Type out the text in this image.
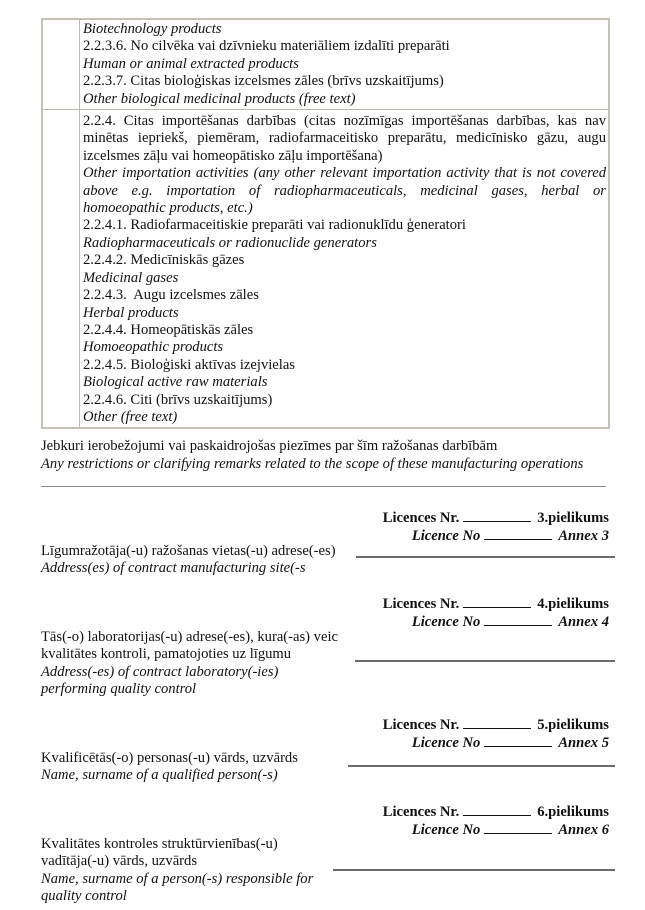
	Biotechnology products
2.2.3.6. No cilvēka vai dzīvnieku materiāliem izdalīti preparāti
Human or animal extracted products
2.2.3.7. Citas bioloģiskas izcelsmes zāles (brīvs uzskaitījums)
Other biological medicinal products (free text)

2.2.4. Citas importēšanas darbības (citas nozīmīgas importēšanas darbības, kas nav minētas iepriekš, piemēram, radiofarmaceitisko preparātu, medicīnisko gāzu, augu izcelsmes zāļu vai homeopātisko zāļu importēšana)
Other importation activities (any other relevant importation activity that is not covered above e.g. importation of radiopharmaceuticals, medicinal gases, herbal or homoeopathic products, etc.)
2.2.4.1. Radiofarmaceitiskie preparāti vai radionuklīdu ģeneratori
Radiopharmaceuticals or radionuclide generators
2.2.4.2. Medicīniskās gāzes
Medicinal gases
2.2.4.3.  Augu izcelsmes zāles
Herbal products
2.2.4.4. Homeopātiskās zāles
Homoeopathic products
2.2.4.5. Bioloģiski aktīvas izejvielas
Biological active raw materials
2.2.4.6. Citi (brīvs uzskaitījums)
Other (free text)
Jebkuri ierobežojumi vai paskaidrojošas piezīmes par šīm ražošanas darbībām
Any restrictions or clarifying remarks related to the scope of these manufacturing operations
Licences Nr.	3.pielikums
Licence No	Annex 3
Līgumražotāja(-u) ražošanas vietas(-u) adrese(-es)
Address(es) of contract manufacturing site(-s
Licences Nr.	4.pielikums
Licence No	Annex 4
Tās(-o) laboratorijas(-u) adrese(-es), kura(-as) veic
kvalitātes kontroli, pamatojoties uz līgumu
Address(-es) of contract laboratory(-ies)
performing quality control
Licences Nr.	5.pielikums
Licence No	Annex 5
Kvalificētās(-o) personas(-u) vārds, uzvārds
Name, surname of a qualified person(-s)
Licences Nr.	6.pielikums
Licence No	Annex 6
Kvalitātes kontroles struktūrvienības(-u)
vadītāja(-u) vārds, uzvārds
Name, surname of a person(-s) responsible for
quality control
